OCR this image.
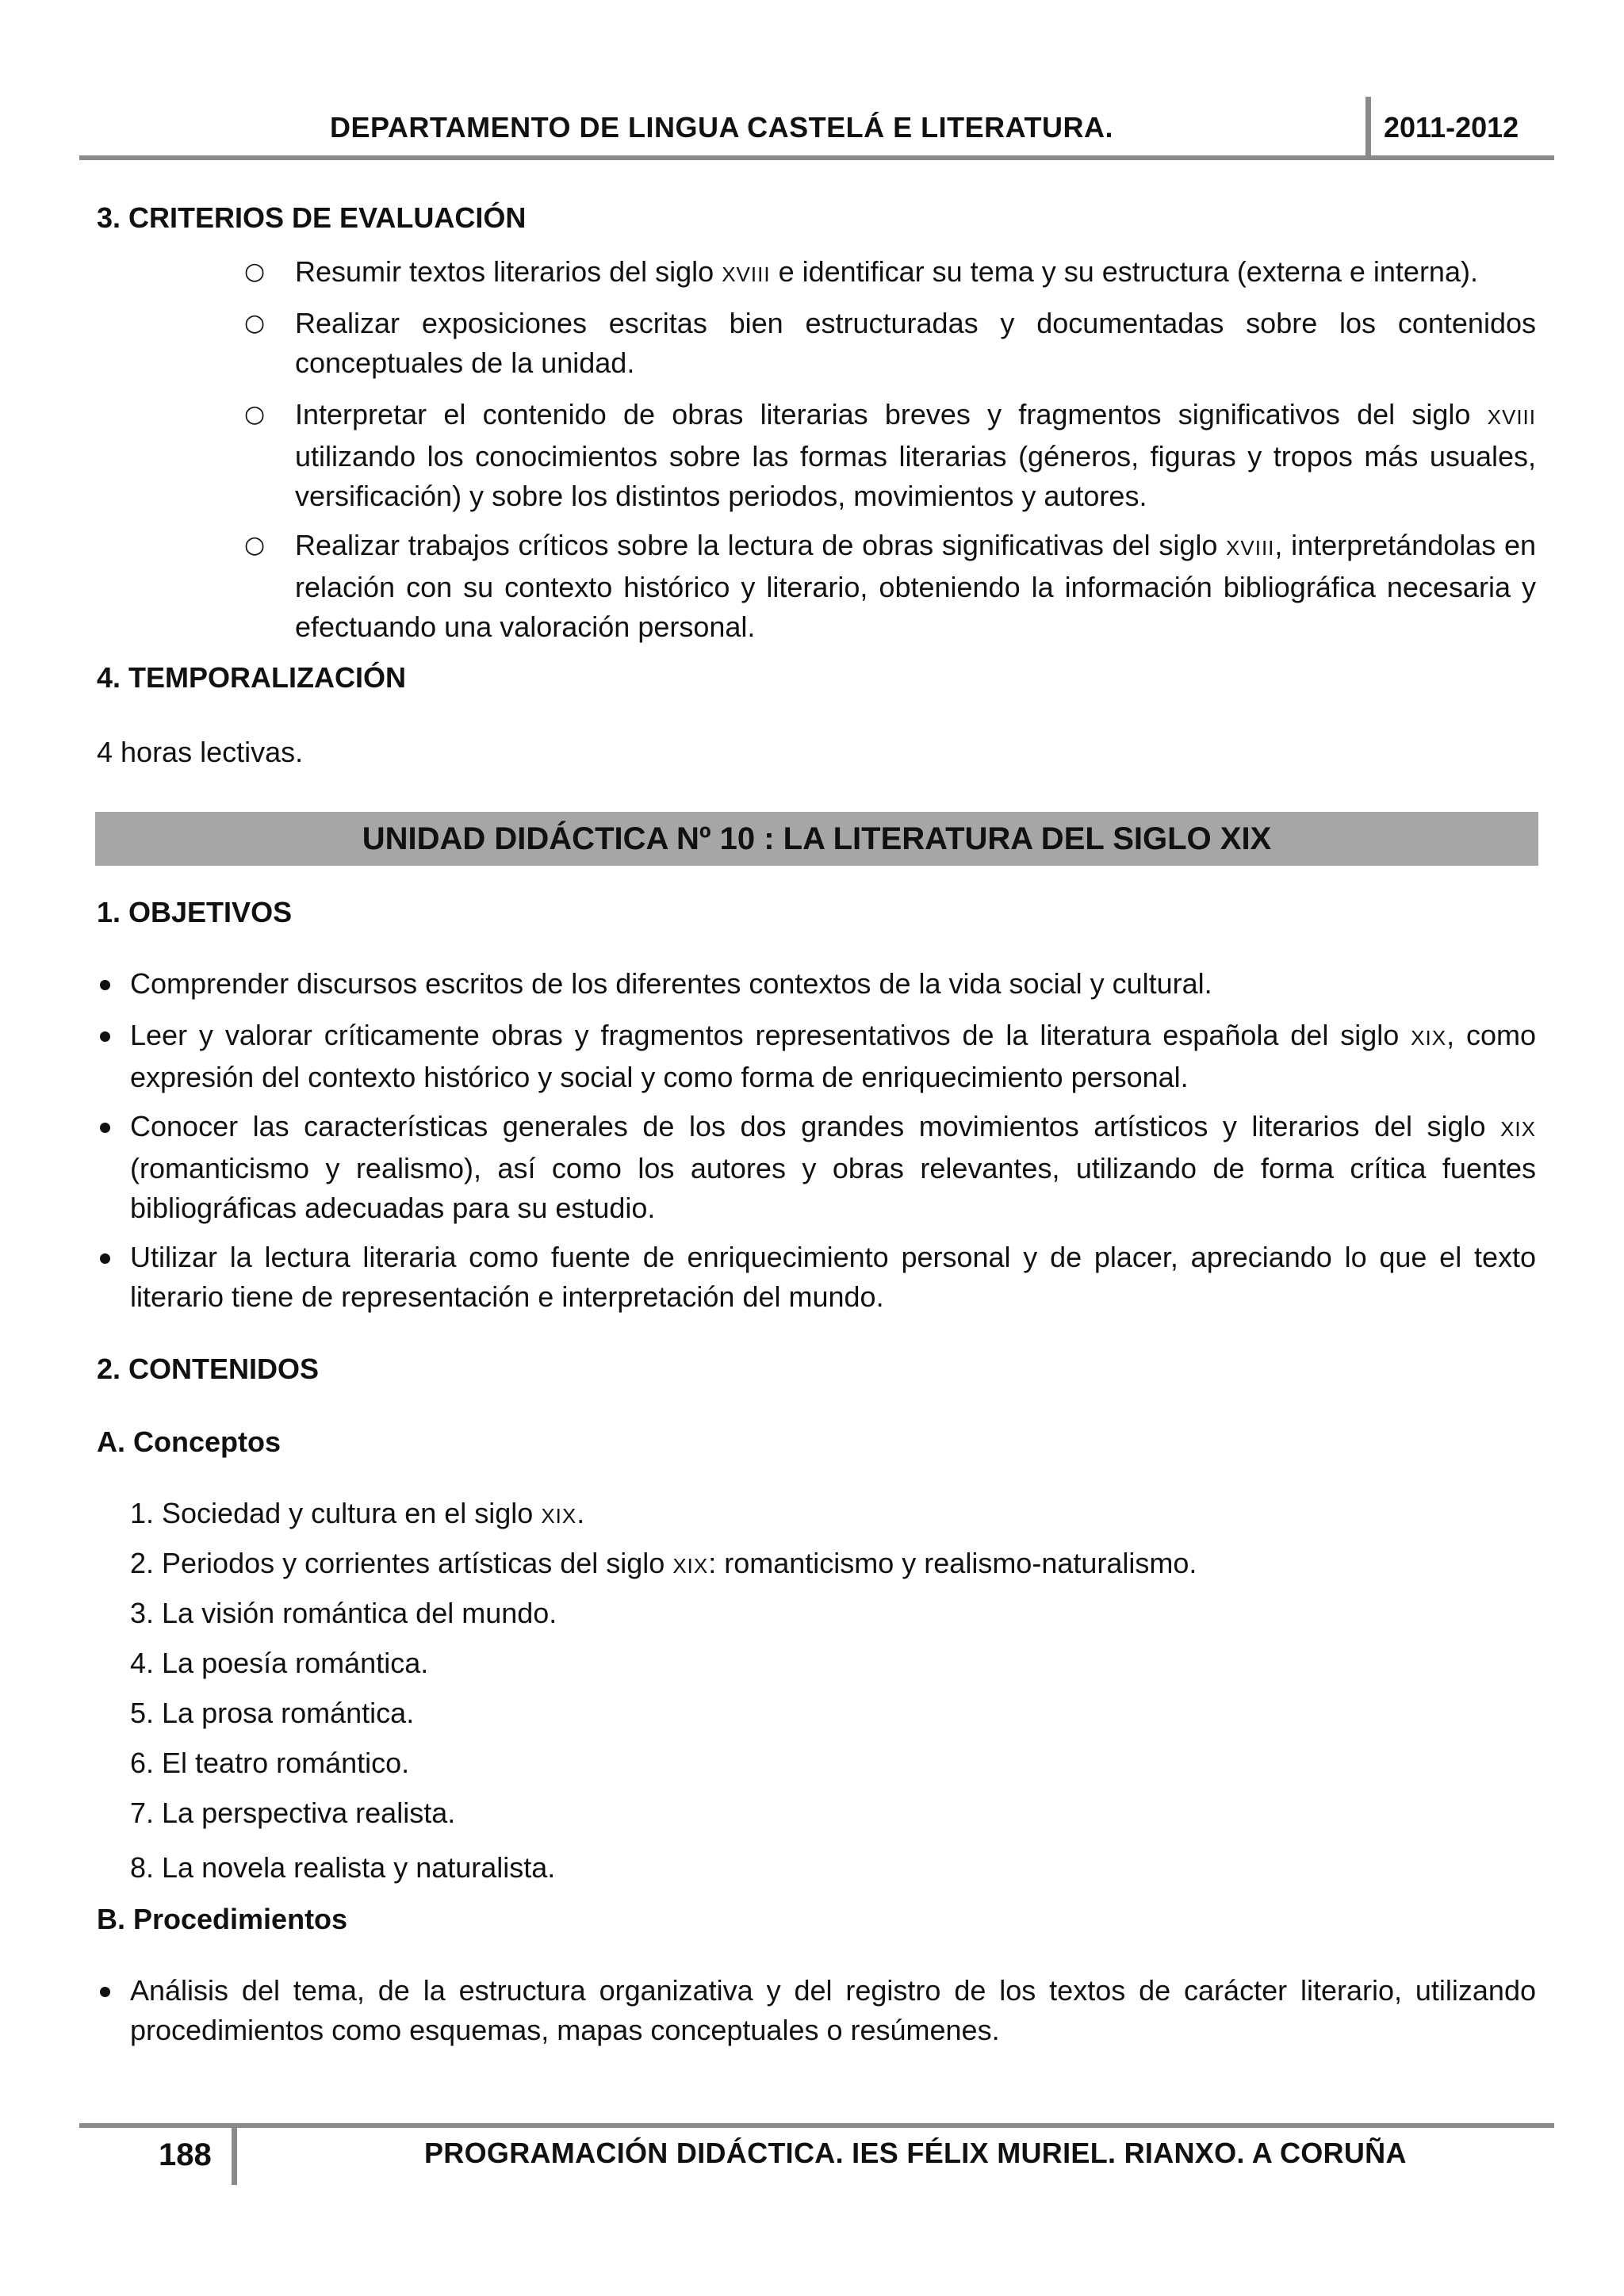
DEPARTAMENTO DE LINGUA CASTELÁ E LITERATURA.	2011-2012

3. CRITERIOS DE EVALUACIÓN

○ Resumir textos literarios del siglo XVIII e identificar su tema y su estructura (externa e interna).
○ Realizar exposiciones escritas bien estructuradas y documentadas sobre los contenidos conceptuales de la unidad.
○ Interpretar el contenido de obras literarias breves y fragmentos significativos del siglo XVIII utilizando los conocimientos sobre las formas literarias (géneros, figuras y tropos más usuales, versificación) y sobre los distintos periodos, movimientos y autores.
○ Realizar trabajos críticos sobre la lectura de obras significativas del siglo XVIII, interpretándolas en relación con su contexto histórico y literario, obteniendo la información bibliográfica necesaria y efectuando una valoración personal.

4. TEMPORALIZACIÓN

4 horas lectivas.

UNIDAD DIDÁCTICA Nº 10 : LA LITERATURA DEL SIGLO XIX

1. OBJETIVOS

Comprender discursos escritos de los diferentes contextos de la vida social y cultural.
Leer y valorar críticamente obras y fragmentos representativos de la literatura española del siglo XIX, como expresión del contexto histórico y social y como forma de enriquecimiento personal.
Conocer las características generales de los dos grandes movimientos artísticos y literarios del siglo XIX (romanticismo y realismo), así como los autores y obras relevantes, utilizando de forma crítica fuentes bibliográficas adecuadas para su estudio.
Utilizar la lectura literaria como fuente de enriquecimiento personal y de placer, apreciando lo que el texto literario tiene de representación e interpretación del mundo.

2. CONTENIDOS

A. Conceptos

1. Sociedad y cultura en el siglo XIX.
2. Periodos y corrientes artísticas del siglo XIX: romanticismo y realismo-naturalismo.
3. La visión romántica del mundo.
4. La poesía romántica.
5. La prosa romántica.
6. El teatro romántico.
7. La perspectiva realista.
8. La novela realista y naturalista.

B. Procedimientos

Análisis del tema, de la estructura organizativa y del registro de los textos de carácter literario, utilizando procedimientos como esquemas, mapas conceptuales o resúmenes.
188	PROGRAMACIÓN DIDÁCTICA. IES FÉLIX MURIEL. RIANXO. A CORUÑA
